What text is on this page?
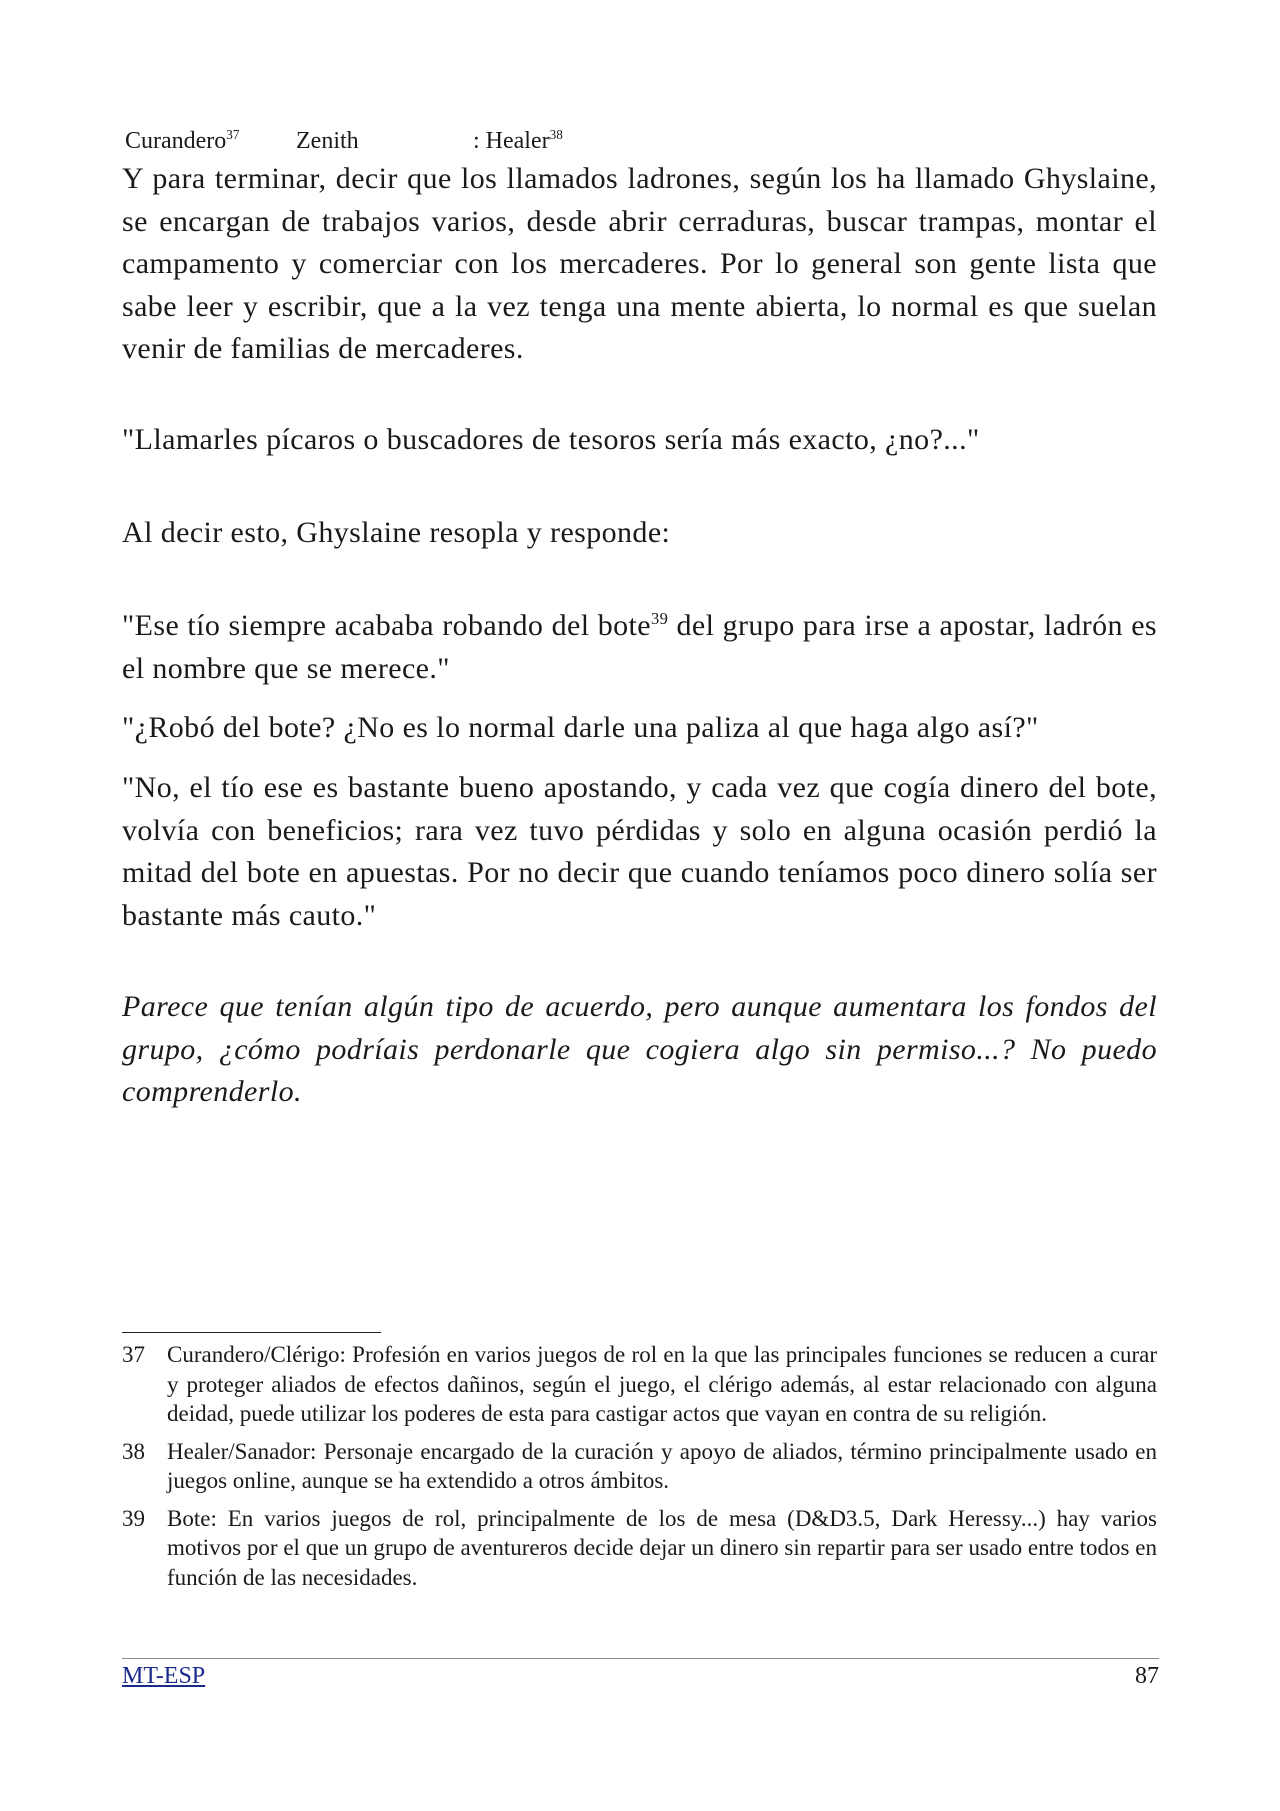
Curandero$^{37}$ Zenith	: Healer$^{38}$

Y para terminar, decir que los llamados ladrones, según los ha llamado Ghyslaine, se encargan de trabajos varios, desde abrir cerraduras, buscar trampas, montar el campamento y comerciar con los mercaderes. Por lo general son gente lista que sabe leer y escribir, que a la vez tenga una mente abierta, lo normal es que suelan venir de familias de mercaderes.

"Llamarles pícaros o buscadores de tesoros sería más exacto, ¿no?..."

Al decir esto, Ghyslaine resopla y responde:

"Ese tío siempre acababa robando del bote$^{39}$ del grupo para irse a apostar, ladrón es el nombre que se merece."

"¿Robó del bote? ¿No es lo normal darle una paliza al que haga algo así?"

"No, el tío ese es bastante bueno apostando, y cada vez que cogía dinero del bote, volvía con beneficios; rara vez tuvo pérdidas y solo en alguna ocasión perdió la mitad del bote en apuestas. Por no decir que cuando teníamos poco dinero solía ser bastante más cauto."

Parece que tenían algún tipo de acuerdo, pero aunque aumentara los fondos del grupo, ¿cómo podríais perdonarle que cogiera algo sin permiso...? No puedo comprenderlo.

37 Curandero/Clérigo: Profesión en varios juegos de rol en la que las principales funciones se reducen a curar y proteger aliados de efectos dañinos, según el juego, el clérigo además, al estar relacionado con alguna deidad, puede utilizar los poderes de esta para castigar actos que vayan en contra de su religión.
38 Healer/Sanador: Personaje encargado de la curación y apoyo de aliados, término principalmente usado en juegos online, aunque se ha extendido a otros ámbitos.
39 Bote: En varios juegos de rol, principalmente de los de mesa (D&D3.5, Dark Heressy...) hay varios motivos por el que un grupo de aventureros decide dejar un dinero sin repartir para ser usado entre todos en función de las necesidades.
MT-ESP	87
